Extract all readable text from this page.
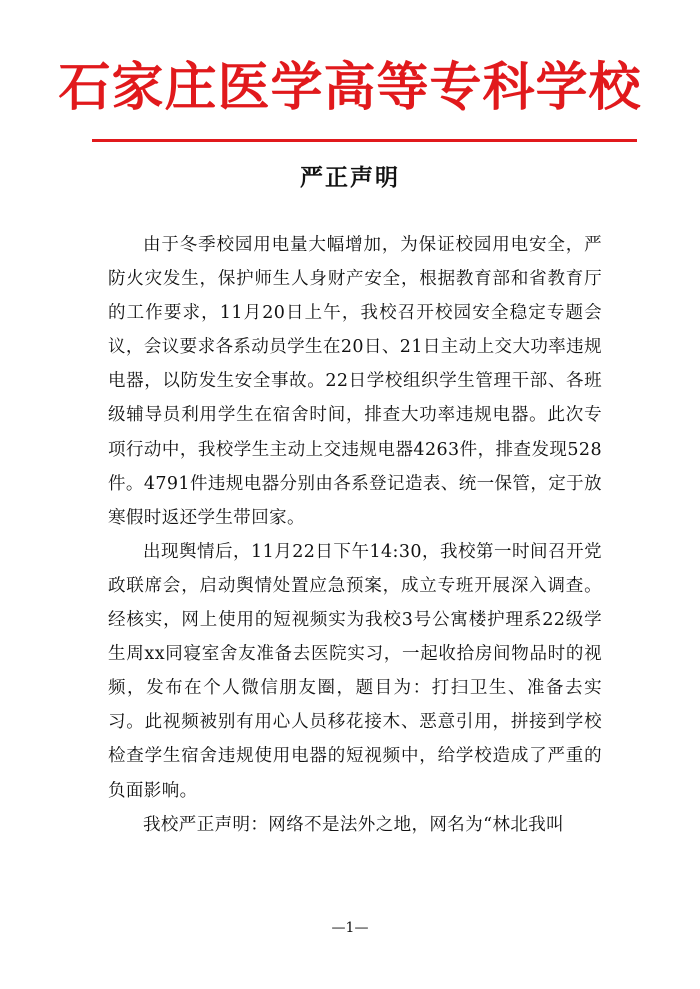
石家庄医学高等专科学校
严正声明

由于冬季校园用电量大幅增加，为保证校园用电安全，严防火灾发生，保护师生人身财产安全，根据教育部和省教育厅的工作要求，11月20日上午，我校召开校园安全稳定专题会议，会议要求各系动员学生在20日、21日主动上交大功率违规电器，以防发生安全事故。22日学校组织学生管理干部、各班级辅导员利用学生在宿舍时间，排查大功率违规电器。此次专项行动中，我校学生主动上交违规电器4263件，排查发现528件。4791件违规电器分别由各系登记造表、统一保管，定于放寒假时返还学生带回家。

出现舆情后，11月22日下午14:30，我校第一时间召开党政联席会，启动舆情处置应急预案，成立专班开展深入调查。经核实，网上使用的短视频实为我校3号公寓楼护理系22级学生周xx同寝室舍友准备去医院实习，一起收拾房间物品时的视频，发布在个人微信朋友圈，题目为：打扫卫生、准备去实习。此视频被别有用心人员移花接木、恶意引用，拼接到学校检查学生宿舍违规使用电器的短视频中，给学校造成了严重的负面影响。

我校严正声明：网络不是法外之地，网名为“林北我叫

—1—
